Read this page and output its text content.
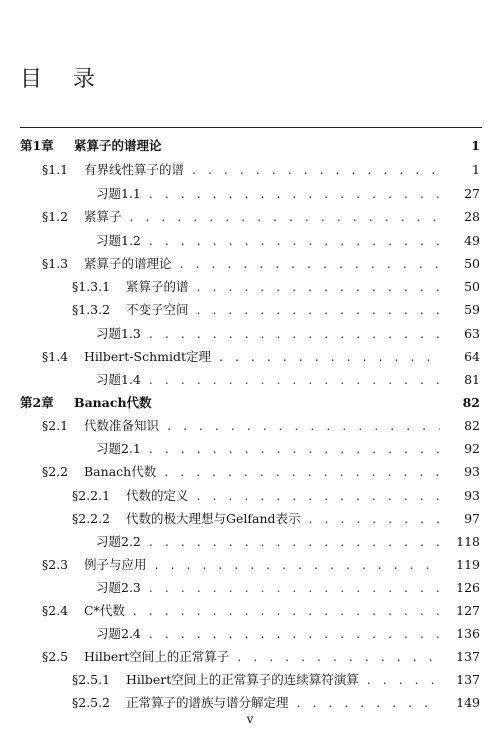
目 录
第1章	紧算子的谱理论	1
§1.1	有界线性算子的谱 . . .	1
习题1.1 . . .	27
§1.2	紧算子 . . .	28
习题1.2 . . .	49
§1.3	紧算子的谱理论 . . .	50
§1.3.1	紧算子的谱 . . .	50
§1.3.2	不变子空间 . . .	59
习题1.3 . . .	63
§1.4	Hilbert-Schmidt定理 . . .	64
习题1.4 . . .	81
第2章	Banach代数	82
§2.1	代数准备知识 . . .	82
习题2.1 . . .	92
§2.2	Banach代数 . . .	93
§2.2.1	代数的定义 . . .	93
§2.2.2	代数的极大理想与Gelfand表示 . . .	97
习题2.2 . . .	118
§2.3	例子与应用 . . .	119
习题2.3 . . .	126
§2.4	C*代数 . . .	127
习题2.4 . . .	136
§2.5	Hilbert空间上的正常算子 . . .	137
§2.5.1	Hilbert空间上的正常算子的连续算符演算 . . .	137
§2.5.2	正常算子的谱族与谱分解定理 . . .	149
v
